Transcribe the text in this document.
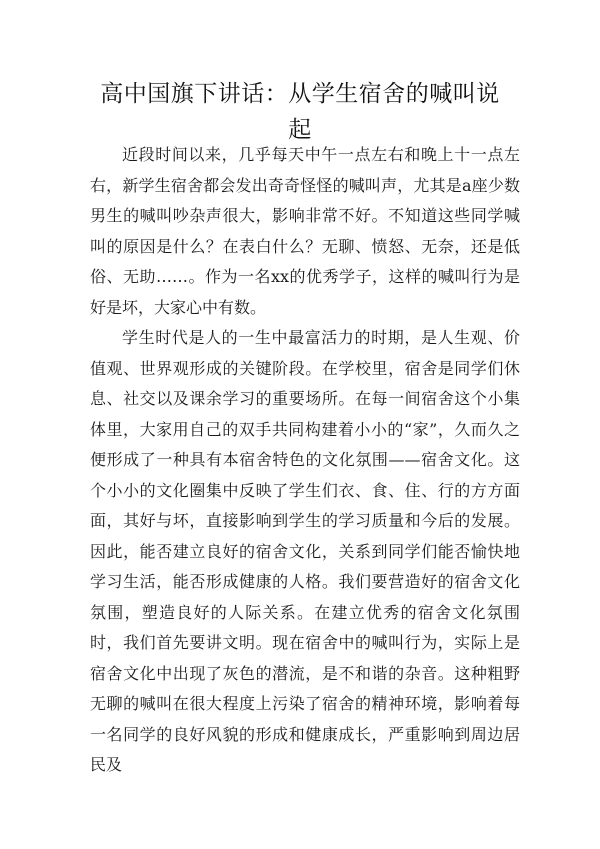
高中国旗下讲话：从学生宿舍的喊叫说起

近段时间以来，几乎每天中午一点左右和晚上十一点左右，新学生宿舍都会发出奇奇怪怪的喊叫声，尤其是a座少数男生的喊叫吵杂声很大，影响非常不好。不知道这些同学喊叫的原因是什么？在表白什么？无聊、愤怒、无奈，还是低俗、无助……。作为一名xx的优秀学子，这样的喊叫行为是好是坏，大家心中有数。

学生时代是人的一生中最富活力的时期，是人生观、价值观、世界观形成的关键阶段。在学校里，宿舍是同学们休息、社交以及课余学习的重要场所。在每一间宿舍这个小集体里，大家用自己的双手共同构建着小小的“家”，久而久之便形成了一种具有本宿舍特色的文化氛围——宿舍文化。这个小小的文化圈集中反映了学生们衣、食、住、行的方方面面，其好与坏，直接影响到学生的学习质量和今后的发展。因此，能否建立良好的宿舍文化，关系到同学们能否愉快地学习生活，能否形成健康的人格。我们要营造好的宿舍文化氛围，塑造良好的人际关系。在建立优秀的宿舍文化氛围时，我们首先要讲文明。现在宿舍中的喊叫行为，实际上是宿舍文化中出现了灰色的潜流，是不和谐的杂音。这种粗野无聊的喊叫在很大程度上污染了宿舍的精神环境，影响着每一名同学的良好风貌的形成和健康成长，严重影响到周边居民及
